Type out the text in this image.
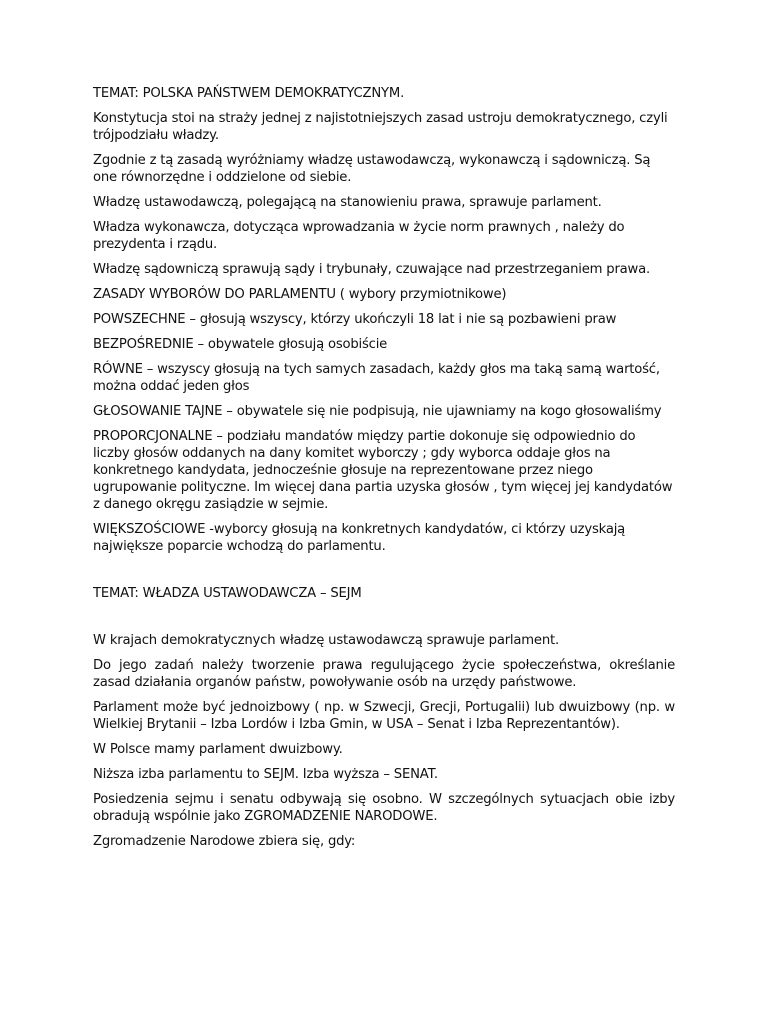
TEMAT: POLSKA PAŃSTWEM DEMOKRATYCZNYM.
Konstytucja stoi na straży jednej z najistotniejszych zasad ustroju demokratycznego, czyli trójpodziału władzy.
Zgodnie z tą zasadą wyróżniamy władzę ustawodawczą, wykonawczą i sądowniczą. Są one równorzędne i oddzielone od siebie.
Władzę ustawodawczą, polegającą na stanowieniu prawa, sprawuje parlament.
Władza wykonawcza, dotycząca wprowadzania w życie norm prawnych , należy do prezydenta i rządu.
Władzę sądowniczą sprawują sądy i trybunały, czuwające nad przestrzeganiem prawa.
ZASADY WYBORÓW DO PARLAMENTU ( wybory przymiotnikowe)
POWSZECHNE – głosują wszyscy, którzy ukończyli 18 lat i nie są pozbawieni praw
BEZPOŚREDNIE – obywatele głosują osobiście
RÓWNE – wszyscy głosują na tych samych zasadach, każdy głos ma taką samą wartość, można oddać jeden głos
GŁOSOWANIE TAJNE – obywatele się nie podpisują, nie ujawniamy na kogo głosowaliśmy
PROPORCJONALNE – podziału mandatów między partie dokonuje się odpowiednio do liczby głosów oddanych na dany komitet wyborczy ; gdy wyborca oddaje głos na konkretnego kandydata, jednocześnie głosuje na reprezentowane przez niego ugrupowanie polityczne. Im więcej dana partia uzyska głosów , tym więcej jej kandydatów z danego okręgu zasiądzie w sejmie.
WIĘKSZOŚCIOWE -wyborcy głosują na konkretnych kandydatów, ci którzy uzyskają największe poparcie wchodzą do parlamentu.
TEMAT: WŁADZA USTAWODAWCZA – SEJM
W krajach demokratycznych władzę ustawodawczą sprawuje parlament.
Do jego zadań należy tworzenie prawa regulującego życie społeczeństwa, określanie zasad działania organów państw, powoływanie osób na urzędy państwowe.
Parlament może być jednoizbowy ( np. w Szwecji, Grecji, Portugalii) lub dwuizbowy (np. w Wielkiej Brytanii – Izba Lordów i Izba Gmin, w USA – Senat i Izba Reprezentantów).
W Polsce mamy parlament dwuizbowy.
Niższa izba parlamentu to SEJM. Izba wyższa – SENAT.
Posiedzenia sejmu i senatu odbywają się osobno. W szczególnych sytuacjach obie izby obradują wspólnie jako ZGROMADZENIE NARODOWE.
Zgromadzenie Narodowe zbiera się, gdy:
